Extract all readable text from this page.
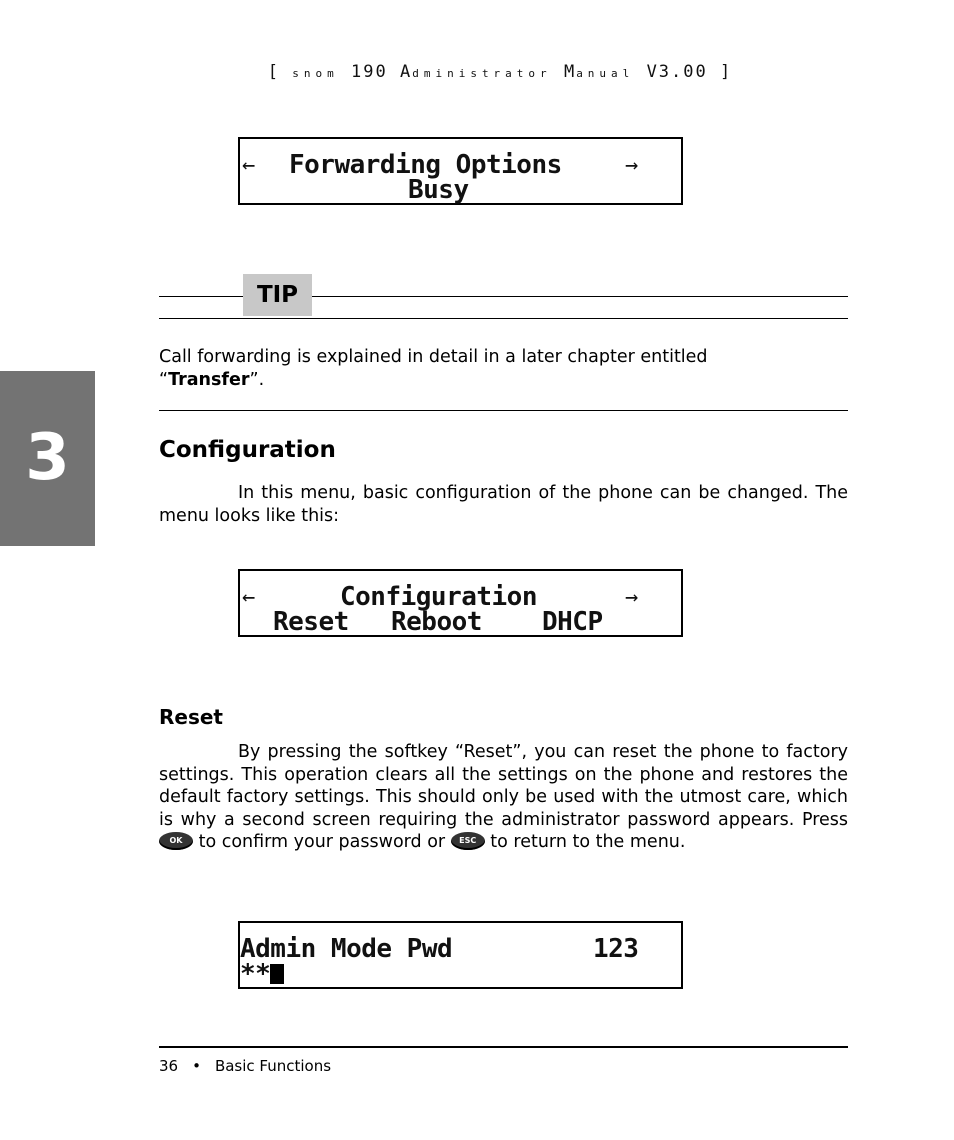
[ snom 190 Administrator Manual V3.00 ]
← Forwarding Options	→
Busy
TIP
Call forwarding is explained in detail in a later chapter entitled
“Transfer”.
3	Configuration
In this menu, basic configuration of the phone can be changed. The menu looks like this:
←	Configuration	→
Reset Reboot DHCP
Reset
By pressing the softkey “Reset”, you can reset the phone to factory settings. This operation clears all the settings on the phone and restores the default factory settings. This should only be used with the utmost care, which is why a second screen requiring the administrator password appears. Press OK to confirm your password or ESC to return to the menu.
Admin Mode Pwd	123
**
36 • Basic Functions
